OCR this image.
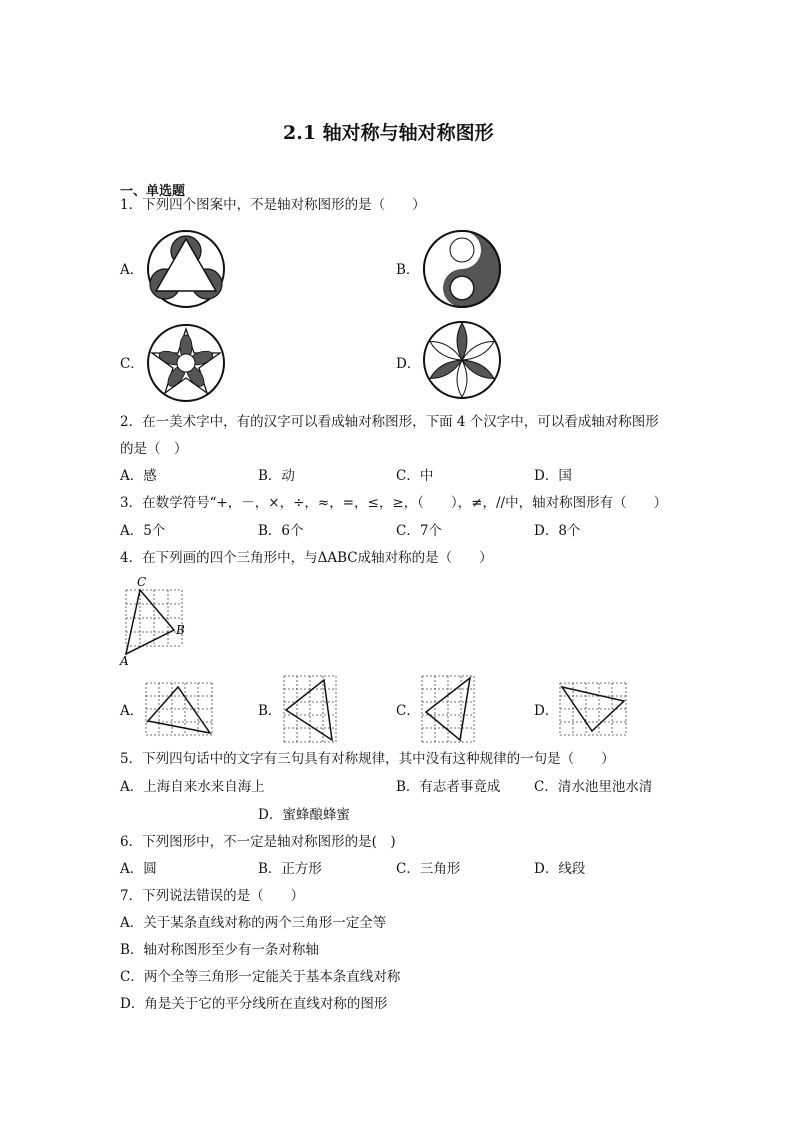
2.1 轴对称与轴对称图形
一、单选题
1．下列四个图案中，不是轴对称图形的是（　　）
A．	B．
C．	D．
2．在一美术字中，有的汉字可以看成轴对称图形，下面 4 个汉字中，可以看成轴对称图形
的是（　）
A．感	B．动	C．中	D．国
3．在数学符号“+，－，×，÷，≈，=，≤，≥，（　　），≠，//中，轴对称图形有（　　）
A．5个	B．6个	C．7个	D．8个
4．在下列画的四个三角形中，与ΔABC成轴对称的是（　　）
C
B
A
A．	B．	C．	D．
5．下列四句话中的文字有三句具有对称规律，其中没有这种规律的一句是（　　）
A．上海自来水来自海上	B．有志者事竟成 C．清水池里池水清
D．蜜蜂酿蜂蜜
6．下列图形中，不一定是轴对称图形的是(　)
A．圆	B．正方形	C．三角形	D．线段
7．下列说法错误的是（　　）
A．关于某条直线对称的两个三角形一定全等
B．轴对称图形至少有一条对称轴
C．两个全等三角形一定能关于基本条直线对称
D．角是关于它的平分线所在直线对称的图形
